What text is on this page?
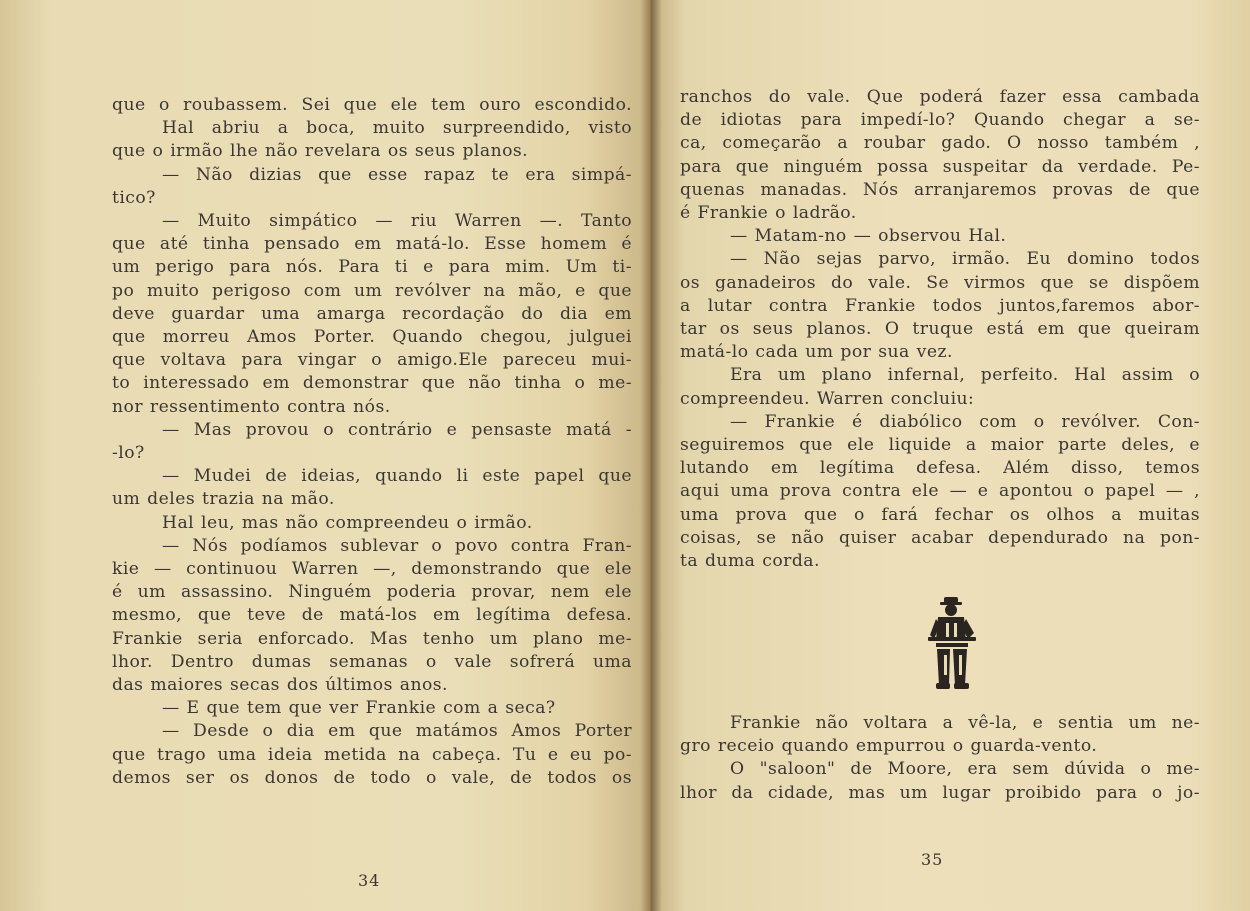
que o roubassem. Sei que ele tem ouro escondido.
Hal abriu a boca, muito surpreendido, visto
que o irmão lhe não revelara os seus planos.
— Não dizias que esse rapaz te era simpá-
tico?
— Muito simpático — riu Warren —. Tanto
que até tinha pensado em matá-lo. Esse homem é
um perigo para nós. Para ti e para mim. Um ti-
po muito perigoso com um revólver na mão, e que
deve guardar uma amarga recordação do dia em
que morreu Amos Porter. Quando chegou, julguei
que voltava para vingar o amigo.Ele pareceu mui-
to interessado em demonstrar que não tinha o me-
nor ressentimento contra nós.
— Mas provou o contrário e pensaste matá -
-lo?
— Mudei de ideias, quando li este papel que
um deles trazia na mão.
Hal leu, mas não compreendeu o irmão.
— Nós podíamos sublevar o povo contra Fran-
kie — continuou Warren —, demonstrando que ele
é um assassino. Ninguém poderia provar, nem ele
mesmo, que teve de matá-los em legítima defesa.
Frankie seria enforcado. Mas tenho um plano me-
lhor. Dentro dumas semanas o vale sofrerá uma
das maiores secas dos últimos anos.
— E que tem que ver Frankie com a seca?
— Desde o dia em que matámos Amos Porter
que trago uma ideia metida na cabeça. Tu e eu po-
demos ser os donos de todo o vale, de todos os
34
ranchos do vale. Que poderá fazer essa cambada
de idiotas para impedí-lo? Quando chegar a se-
ca, começarão a roubar gado. O nosso também ,
para que ninguém possa suspeitar da verdade. Pe-
quenas manadas. Nós arranjaremos provas de que
é Frankie o ladrão.
— Matam-no — observou Hal.
— Não sejas parvo, irmão. Eu domino todos
os ganadeiros do vale. Se virmos que se dispõem
a lutar contra Frankie todos juntos,faremos abor-
tar os seus planos. O truque está em que queiram
matá-lo cada um por sua vez.
Era um plano infernal, perfeito. Hal assim o
compreendeu. Warren concluiu:
— Frankie é diabólico com o revólver. Con-
seguiremos que ele liquide a maior parte deles, e
lutando em legítima defesa. Além disso, temos
aqui uma prova contra ele — e apontou o papel — ,
uma prova que o fará fechar os olhos a muitas
coisas, se não quiser acabar dependurado na pon-
ta duma corda.
Frankie não voltara a vê-la, e sentia um ne-
gro receio quando empurrou o guarda-vento.
O "saloon" de Moore, era sem dúvida o me-
lhor da cidade, mas um lugar proibido para o jo-
35
